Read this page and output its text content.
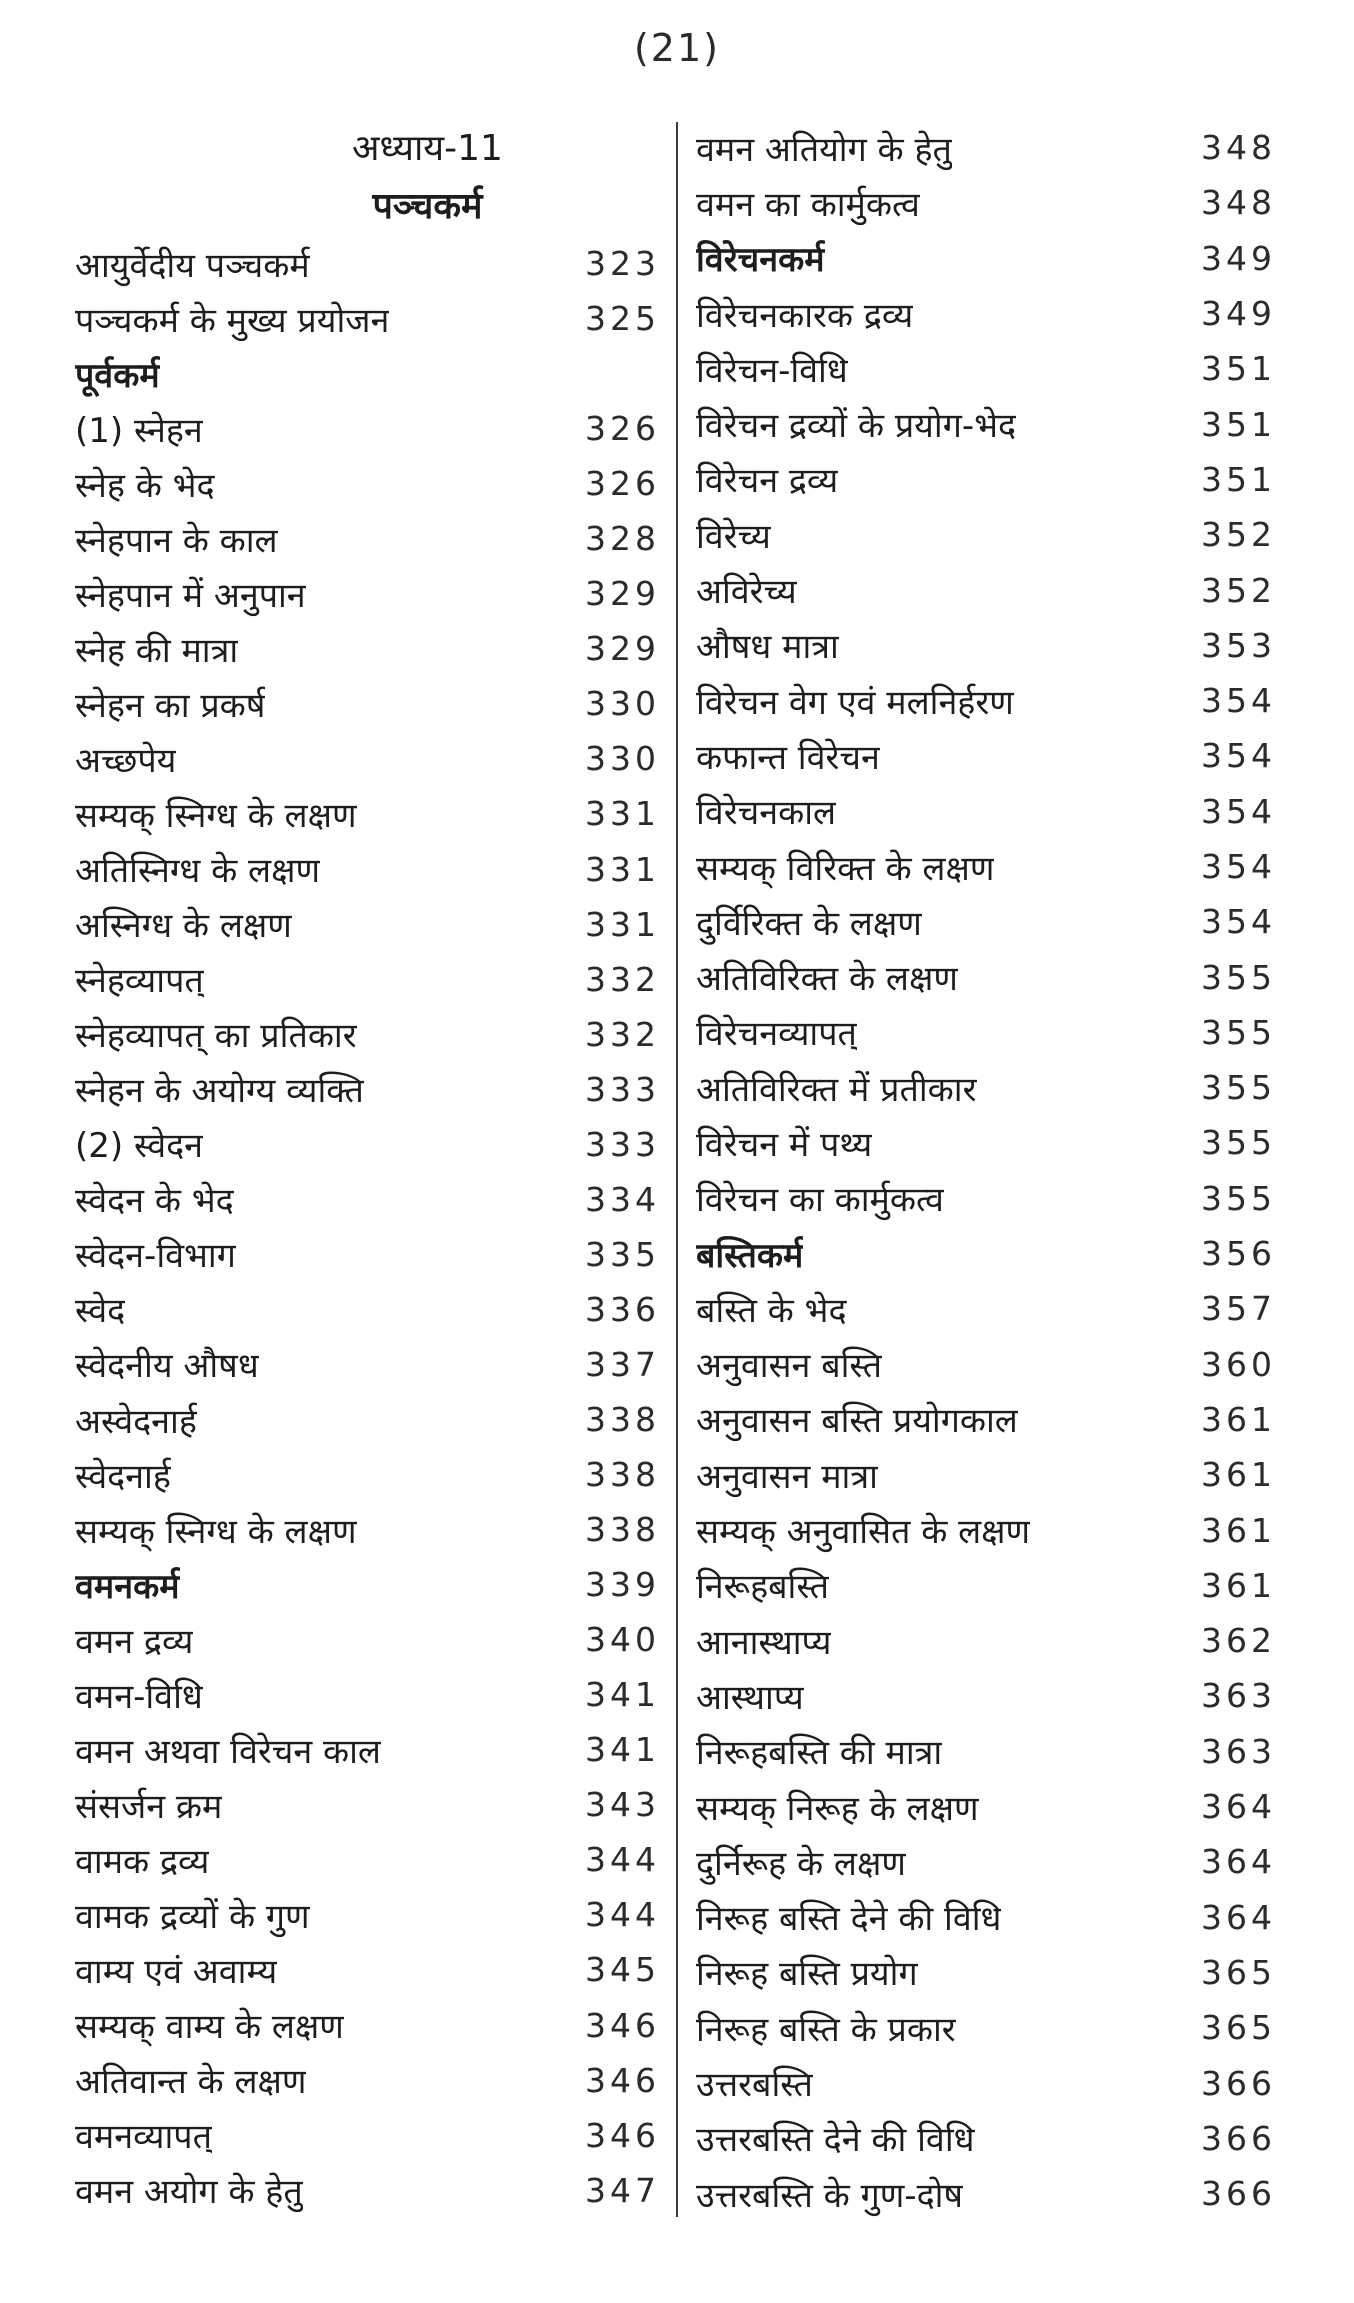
(21)
अध्याय-11
पञ्चकर्म
आयुर्वेदीय पञ्चकर्म	323
पञ्चकर्म के मुख्य प्रयोजन	325
पूर्वकर्म
(1) स्नेहन	326
स्नेह के भेद	326
स्नेहपान के काल	328
स्नेहपान में अनुपान	329
स्नेह की मात्रा	329
स्नेहन का प्रकर्ष	330
अच्छपेय	330
सम्यक् स्निग्ध के लक्षण	331
अतिस्निग्ध के लक्षण	331
अस्निग्ध के लक्षण	331
स्नेहव्यापत्	332
स्नेहव्यापत् का प्रतिकार	332
स्नेहन के अयोग्य व्यक्ति	333
(2) स्वेदन	333
स्वेदन के भेद	334
स्वेदन-विभाग	335
स्वेद	336
स्वेदनीय औषध	337
अस्वेदनार्ह	338
स्वेदनार्ह	338
सम्यक् स्निग्ध के लक्षण	338
वमनकर्म	339
वमन द्रव्य	340
वमन-विधि	341
वमन अथवा विरेचन काल	341
संसर्जन क्रम	343
वामक द्रव्य	344
वामक द्रव्यों के गुण	344
वाम्य एवं अवाम्य	345
सम्यक् वाम्य के लक्षण	346
अतिवान्त के लक्षण	346
वमनव्यापत्	346
वमन अयोग के हेतु	347
वमन अतियोग के हेतु	348
वमन का कार्मुकत्व	348
विरेचनकर्म	349
विरेचनकारक द्रव्य	349
विरेचन-विधि	351
विरेचन द्रव्यों के प्रयोग-भेद	351
विरेचन द्रव्य	351
विरेच्य	352
अविरेच्य	352
औषध मात्रा	353
विरेचन वेग एवं मलनिर्हरण	354
कफान्त विरेचन	354
विरेचनकाल	354
सम्यक् विरिक्त के लक्षण	354
दुर्विरिक्त के लक्षण	354
अतिविरिक्त के लक्षण	355
विरेचनव्यापत्	355
अतिविरिक्त में प्रतीकार	355
विरेचन में पथ्य	355
विरेचन का कार्मुकत्व	355
बस्तिकर्म	356
बस्ति के भेद	357
अनुवासन बस्ति	360
अनुवासन बस्ति प्रयोगकाल	361
अनुवासन मात्रा	361
सम्यक् अनुवासित के लक्षण	361
निरूहबस्ति	361
आनास्थाप्य	362
आस्थाप्य	363
निरूहबस्ति की मात्रा	363
सम्यक् निरूह के लक्षण	364
दुर्निरूह के लक्षण	364
निरूह बस्ति देने की विधि	364
निरूह बस्ति प्रयोग	365
निरूह बस्ति के प्रकार	365
उत्तरबस्ति	366
उत्तरबस्ति देने की विधि	366
उत्तरबस्ति के गुण-दोष	366
